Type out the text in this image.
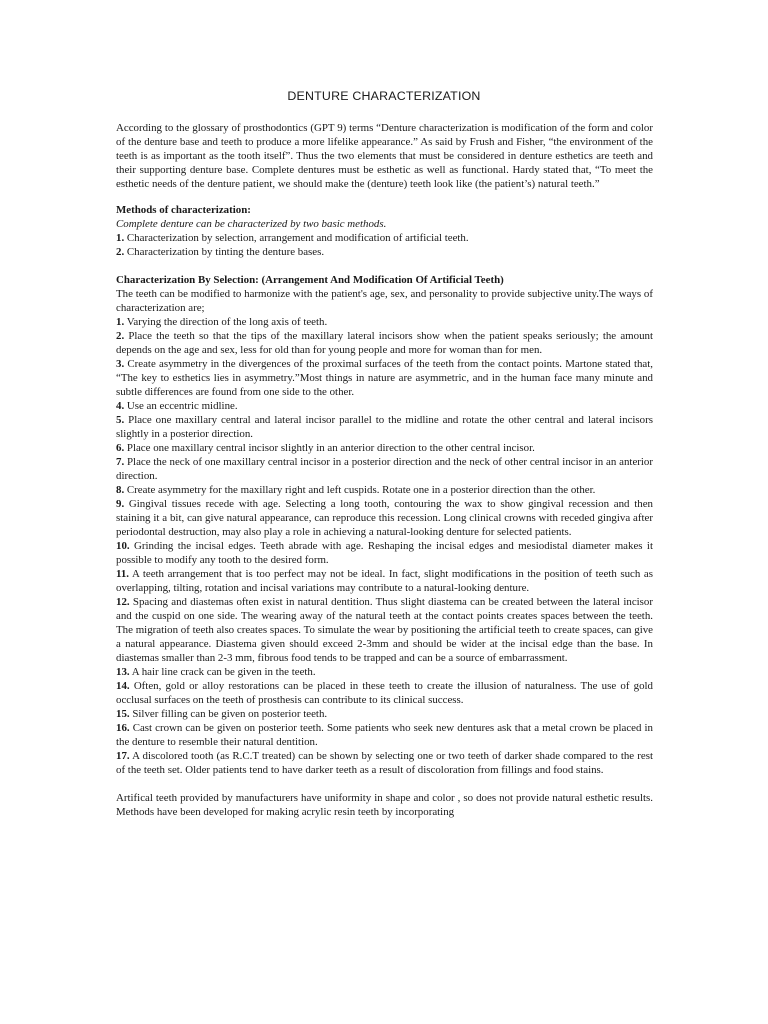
DENTURE CHARACTERIZATION

According to the glossary of prosthodontics (GPT 9) terms “Denture characterization is modification of the form and color of the denture base and teeth to produce a more lifelike appearance.” As said by Frush and Fisher, “the environment of the teeth is as important as the tooth itself”. Thus the two elements that must be considered in denture esthetics are teeth and their supporting denture base. Complete dentures must be esthetic as well as functional. Hardy stated that, “To meet the esthetic needs of the denture patient, we should make the (denture) teeth look like (the patient’s) natural teeth.”

Methods of characterization:

Complete denture can be characterized by two basic methods.

1. Characterization by selection, arrangement and modification of artificial teeth.

2. Characterization by tinting the denture bases.

Characterization By Selection: (Arrangement And Modification Of Artificial Teeth)

The teeth can be modified to harmonize with the patient's age, sex, and personality to provide subjective unity.The ways of characterization are;

1. Varying the direction of the long axis of teeth.

2. Place the teeth so that the tips of the maxillary lateral incisors show when the patient speaks seriously; the amount depends on the age and sex, less for old than for young people and more for woman than for men.

3. Create asymmetry in the divergences of the proximal surfaces of the teeth from the contact points. Martone stated that, “The key to esthetics lies in asymmetry.”Most things in nature are asymmetric, and in the human face many minute and subtle differences are found from one side to the other.

4. Use an eccentric midline.

5. Place one maxillary central and lateral incisor parallel to the midline and rotate the other central and lateral incisors slightly in a posterior direction.

6. Place one maxillary central incisor slightly in an anterior direction to the other central incisor.

7. Place the neck of one maxillary central incisor in a posterior direction and the neck of other central incisor in an anterior direction.

8. Create asymmetry for the maxillary right and left cuspids. Rotate one in a posterior direction than the other.

9. Gingival tissues recede with age. Selecting a long tooth, contouring the wax to show gingival recession and then staining it a bit, can give natural appearance, can reproduce this recession. Long clinical crowns with receded gingiva after periodontal destruction, may also play a role in achieving a natural-looking denture for selected patients.

10. Grinding the incisal edges. Teeth abrade with age. Reshaping the incisal edges and mesiodistal diameter makes it possible to modify any tooth to the desired form.

11. A teeth arrangement that is too perfect may not be ideal. In fact, slight modifications in the position of teeth such as overlapping, tilting, rotation and incisal variations may contribute to a natural-looking denture.

12. Spacing and diastemas often exist in natural dentition. Thus slight diastema can be created between the lateral incisor and the cuspid on one side. The wearing away of the natural teeth at the contact points creates spaces between the teeth. The migration of teeth also creates spaces. To simulate the wear by positioning the artificial teeth to create spaces, can give a natural appearance. Diastema given should exceed 2-3mm and should be wider at the incisal edge than the base. In diastemas smaller than 2-3 mm, fibrous food tends to be trapped and can be a source of embarrassment.

13. A hair line crack can be given in the teeth.

14. Often, gold or alloy restorations can be placed in these teeth to create the illusion of naturalness. The use of gold occlusal surfaces on the teeth of prosthesis can contribute to its clinical success.

15. Silver filling can be given on posterior teeth.

16. Cast crown can be given on posterior teeth. Some patients who seek new dentures ask that a metal crown be placed in the denture to resemble their natural dentition.

17. A discolored tooth (as R.C.T treated) can be shown by selecting one or two teeth of darker shade compared to the rest of the teeth set. Older patients tend to have darker teeth as a result of discoloration from fillings and food stains.

Artifical teeth provided by manufacturers have uniformity in shape and color , so does not provide natural esthetic results. Methods have been developed for making acrylic resin teeth by incorporating
